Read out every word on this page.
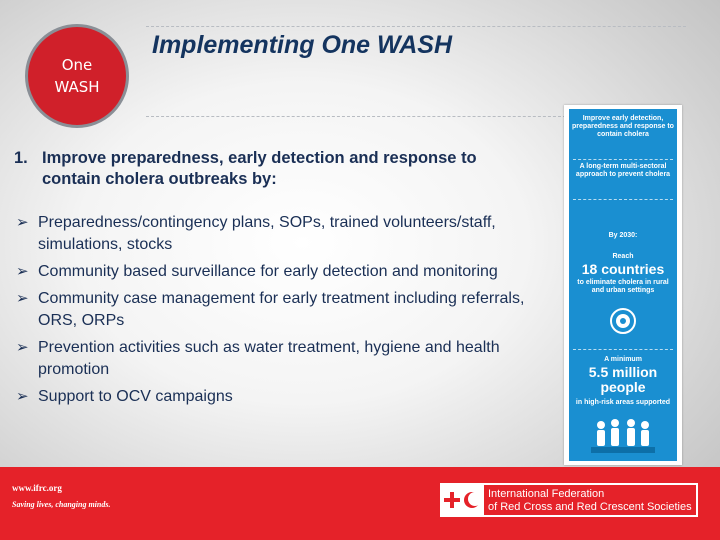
One
WASH
Implementing One WASH
1. Improve preparedness, early detection and response to contain cholera outbreaks by:
➢ Preparedness/contingency plans, SOPs, trained volunteers/staff, simulations, stocks
➢ Community based surveillance for early detection and monitoring
➢ Community case management for early treatment including referrals, ORS, ORPs
➢ Prevention activities such as water treatment, hygiene and health promotion
➢ Support to OCV campaigns
Improve early detection, preparedness and response to contain cholera
A long-term multi-sectoral approach to prevent cholera
By 2030:
Reach
18 countries
to eliminate cholera in rural and urban settings
A minimum
5.5 million
people
in high-risk areas supported
www.ifrc.org
Saving lives, changing minds.
International Federation
of Red Cross and Red Crescent Societies
